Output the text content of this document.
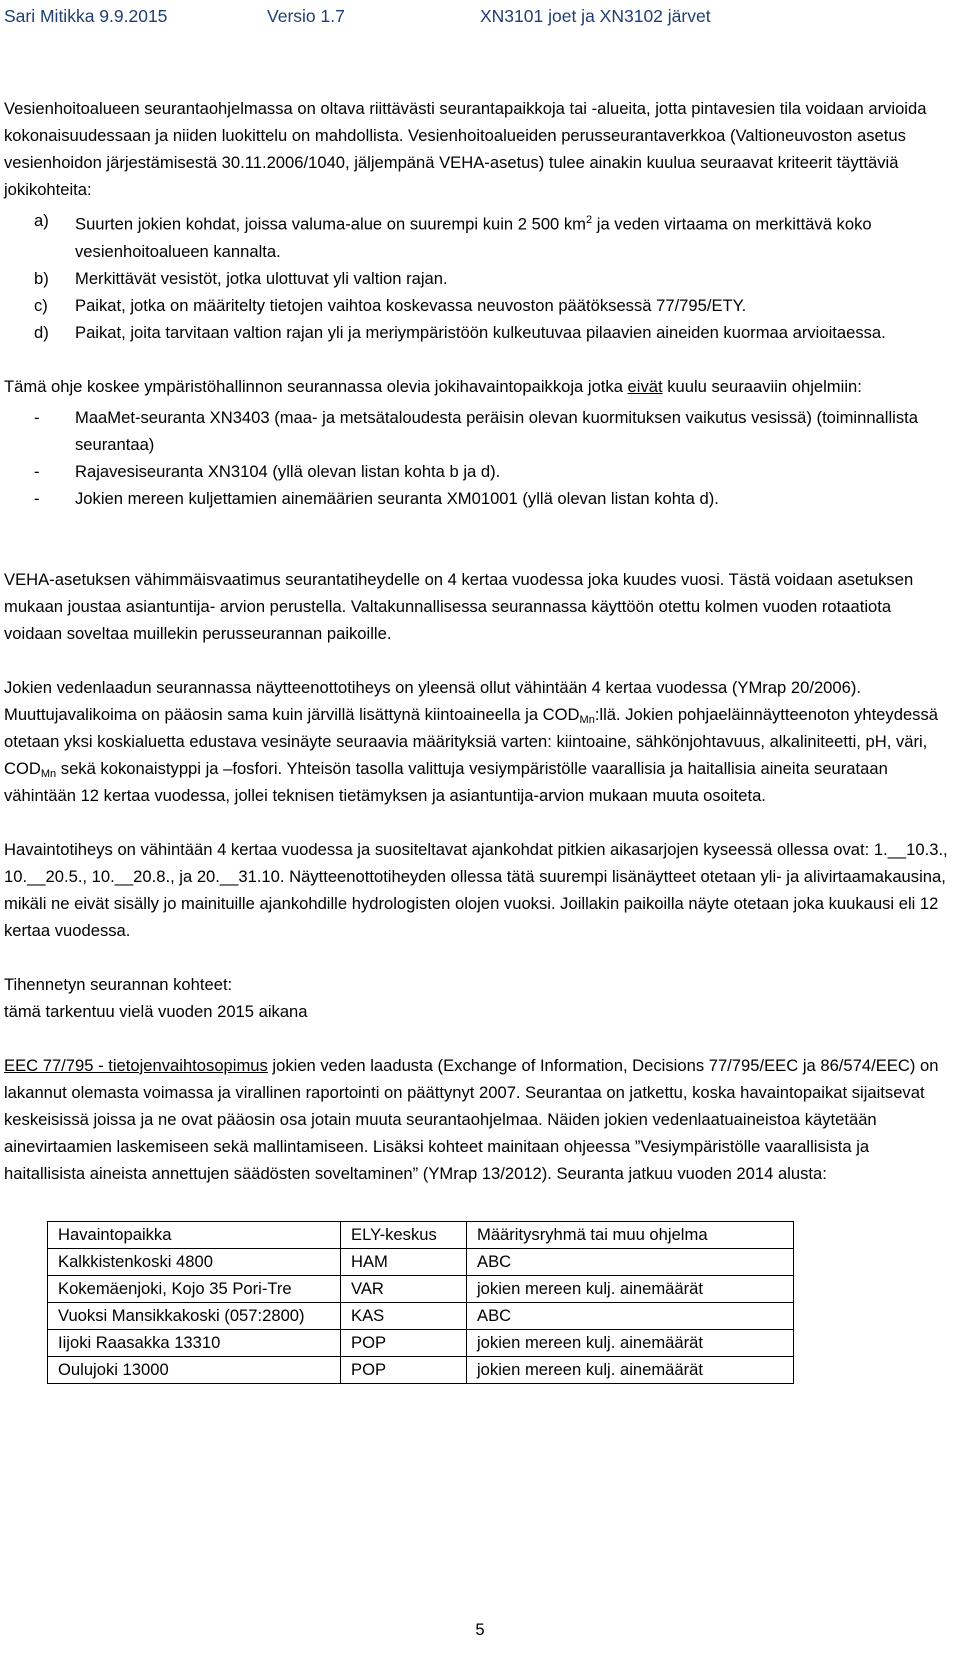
Sari Mitikka 9.9.2015	Versio 1.7	XN3101 joet ja XN3102 järvet

Vesienhoitoalueen seurantaohjelmassa on oltava riittävästi seurantapaikkoja tai -alueita, jotta pintavesien tila voidaan arvioida kokonaisuudessaan ja niiden luokittelu on mahdollista. Vesienhoitoalueiden perusseurantaverkkoa (Valtioneuvoston asetus vesienhoidon järjestämisestä 30.11.2006/1040, jäljempänä VEHA-asetus) tulee ainakin kuulua seuraavat kriteerit täyttäviä jokikohteita:

a) Suurten jokien kohdat, joissa valuma-alue on suurempi kuin 2 500 $km^2$ ja veden virtaama on merkittävä koko vesienhoitoalueen kannalta.
b) Merkittävät vesistöt, jotka ulottuvat yli valtion rajan.
c) Paikat, jotka on määritelty tietojen vaihtoa koskevassa neuvoston päätöksessä 77/795/ETY.
d) Paikat, joita tarvitaan valtion rajan yli ja meriympäristöön kulkeutuvaa pilaavien aineiden kuormaa arvioitaessa.

Tämä ohje koskee ympäristöhallinnon seurannassa olevia jokihavaintopaikkoja jotka eivät kuulu seuraaviin ohjelmiin:

- MaaMet-seuranta XN3403 (maa- ja metsätaloudesta peräisin olevan kuormituksen vaikutus vesissä) (toiminnallista seurantaa)
- Rajavesiseuranta XN3104 (yllä olevan listan kohta b ja d).
- Jokien mereen kuljettamien ainemäärien seuranta XM01001 (yllä olevan listan kohta d).

VEHA-asetuksen vähimmäisvaatimus seurantatiheydelle on 4 kertaa vuodessa joka kuudes vuosi. Tästä voidaan asetuksen mukaan joustaa asiantuntija- arvion perustella. Valtakunnallisessa seurannassa käyttöön otettu kolmen vuoden rotaatiota voidaan soveltaa muillekin perusseurannan paikoille.

Jokien vedenlaadun seurannassa näytteenottotiheys on yleensä ollut vähintään 4 kertaa vuodessa (YMrap 20/2006). Muuttujavalikoima on pääosin sama kuin järvillä lisättynä kiintoaineella ja $COD_{Mn}:llä$. Jokien pohjaeläinnäytteenoton yhteydessä otetaan yksi koskialuetta edustava vesinäyte seuraavia määrityksiä varten: kiintoaine, sähkönjohtavuus, alkaliniteetti, pH, väri, $COD_{Mn}$ sekä kokonaistyppi ja –fosfori. Yhteisön tasolla valittuja vesiympäristölle vaarallisia ja haitallisia aineita seurataan vähintään 12 kertaa vuodessa, jollei teknisen tietämyksen ja asiantuntija-arvion mukaan muuta osoiteta.

Havaintotiheys on vähintään 4 kertaa vuodessa ja suositeltavat ajankohdat pitkien aikasarjojen kyseessä ollessa ovat: 1.__10.3., 10.__20.5., 10.__20.8., ja 20.__31.10. Näytteenottotiheyden ollessa tätä suurempi lisänäytteet otetaan yli- ja alivirtaamakausina, mikäli ne eivät sisälly jo mainituille ajankohdille hydrologisten olojen vuoksi. Joillakin paikoilla näyte otetaan joka kuukausi eli 12 kertaa vuodessa.

Tihennetyn seurannan kohteet:

tämä tarkentuu vielä vuoden 2015 aikana

EEC 77/795 - tietojenvaihtosopimus jokien veden laadusta (Exchange of Information, Decisions 77/795/EEC ja 86/574/EEC) on lakannut olemasta voimassa ja virallinen raportointi on päättynyt 2007. Seurantaa on jatkettu, koska havaintopaikat sijaitsevat keskeisissä joissa ja ne ovat pääosin osa jotain muuta seurantaohjelmaa. Näiden jokien vedenlaatuaineistoa käytetään ainevirtaamien laskemiseen sekä mallintamiseen. Lisäksi kohteet mainitaan ohjeessa ”Vesiympäristölle vaarallisista ja haitallisista aineista annettujen säädösten soveltaminen” (YMrap 13/2012). Seuranta jatkuu vuoden 2014 alusta:

Havaintopaikka	ELY-keskus	Määritysryhmä tai muu ohjelma
Kalkkistenkoski 4800	HAM	ABC
Kokemäenjoki, Kojo 35 Pori-Tre	VAR	jokien mereen kulj. ainemäärät
Vuoksi Mansikkakoski (057:2800)	KAS	ABC
Iijoki Raasakka 13310	POP	jokien mereen kulj. ainemäärät
Oulujoki 13000	POP	jokien mereen kulj. ainemäärät
5
